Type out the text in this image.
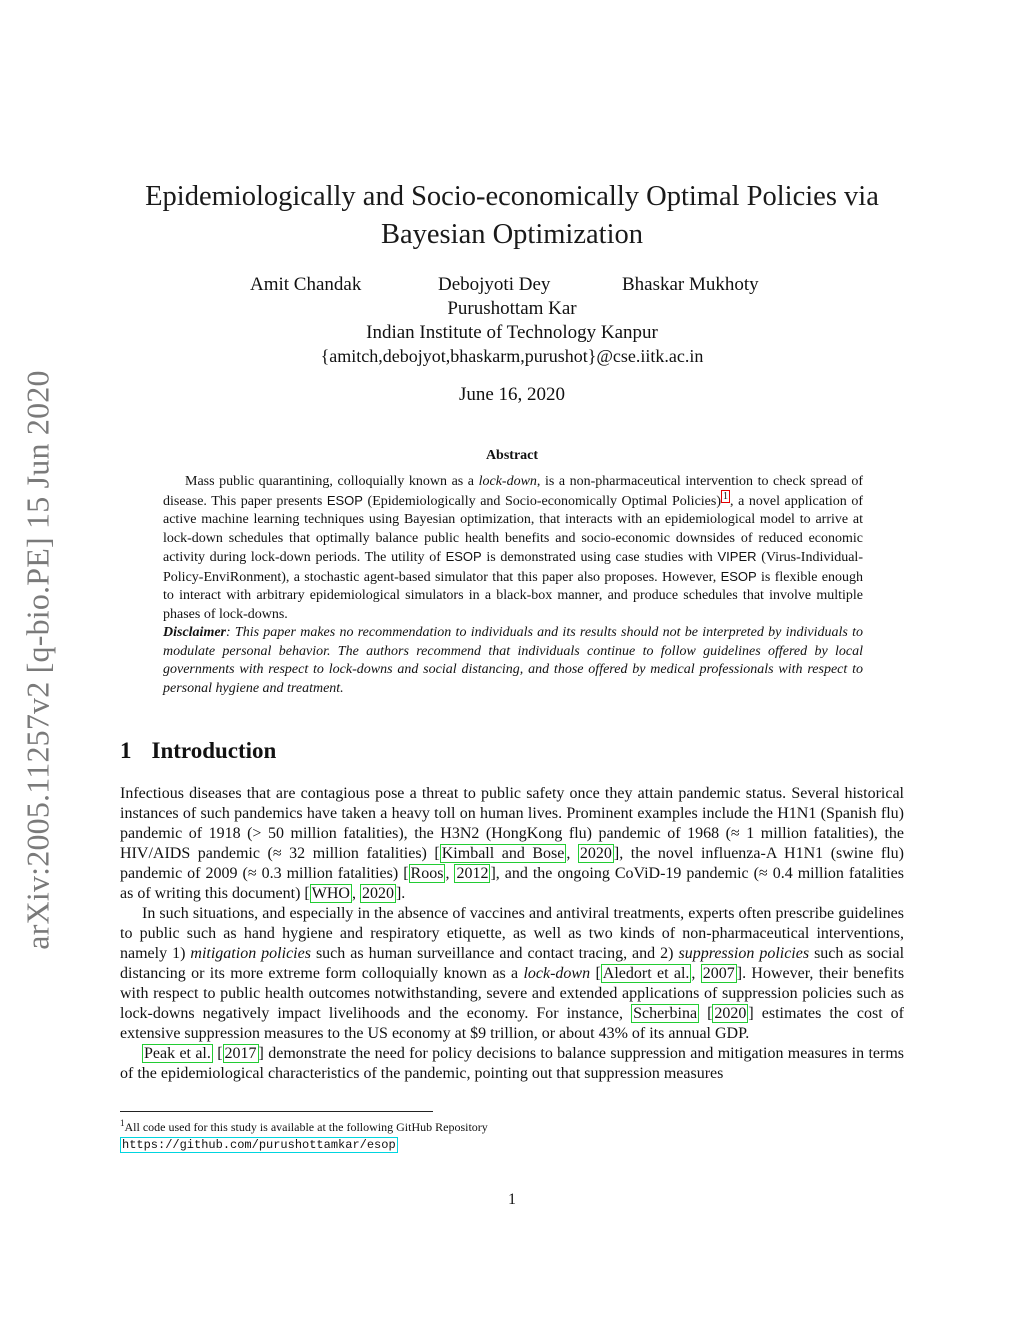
arXiv:2005.11257v2 [q-bio.PE] 15 Jun 2020
Epidemiologically and Socio-economically Optimal Policies via
Bayesian Optimization
Amit Chandak	Debojyoti Dey	Bhaskar Mukhoty
Purushottam Kar
Indian Institute of Technology Kanpur
{amitch,debojyot,bhaskarm,purushot}@cse.iitk.ac.in
June 16, 2020
Abstract

Mass public quarantining, colloquially known as a lock-down, is a non-pharmaceutical intervention to check spread of disease. This paper presents ESOP (Epidemiologically and Socio-economically Optimal Policies) $^1$ , a novel application of active machine learning techniques using Bayesian optimization, that interacts with an epidemiological model to arrive at lock-down schedules that optimally balance public health benefits and socio-economic downsides of reduced economic activity during lock-down periods. The utility of ESOP is demonstrated using case studies with VIPER (Virus-Individual-Policy-EnviRonment), a stochastic agent-based simulator that this paper also proposes. However, ESOP is flexible enough to interact with arbitrary epidemiological simulators in a black-box manner, and produce schedules that involve multiple phases of lock-downs.

Disclaimer: This paper makes no recommendation to individuals and its results should not be interpreted by individuals to modulate personal behavior. The authors recommend that individuals continue to follow guidelines offered by local governments with respect to lock-downs and social distancing, and those offered by medical professionals with respect to personal hygiene and treatment.

1 Introduction

Infectious diseases that are contagious pose a threat to public safety once they attain pandemic status. Several historical instances of such pandemics have taken a heavy toll on human lives. Prominent examples include the H1N1 (Spanish flu) pandemic of 1918 (> 50 million fatalities), the H3N2 (HongKong flu) pandemic of 1968 (≈ 1 million fatalities), the HIV/AIDS pandemic (≈ 32 million fatalities) [ Kimball and Bose , 2020 ], the novel influenza-A H1N1 (swine flu) pandemic of 2009 (≈ 0.3 million fatalities) [ Roos , 2012 ], and the ongoing CoViD-19 pandemic (≈ 0.4 million fatalities as of writing this document) [ WHO , 2020 ].

In such situations, and especially in the absence of vaccines and antiviral treatments, experts often prescribe guidelines to public such as hand hygiene and respiratory etiquette, as well as two kinds of non-pharmaceutical interventions, namely 1) mitigation policies such as human surveillance and contact tracing, and 2) suppression policies such as social distancing or its more extreme form colloquially known as a lock-down [ Aledort et al. , 2007 ]. However, their benefits with respect to public health outcomes notwithstanding, severe and extended applications of suppression policies such as lock-downs negatively impact livelihoods and the economy. For instance, Scherbina [ 2020 ] estimates the cost of extensive suppression measures to the US economy at $9 trillion, or about 43% of its annual GDP.

Peak et al. [ 2017 ] demonstrate the need for policy decisions to balance suppression and mitigation measures in terms of the epidemiological characteristics of the pandemic, pointing out that suppression measures

$^1$All code used for this study is available at the following GitHub Repository
https://github.com/purushottamkar/esop
1
